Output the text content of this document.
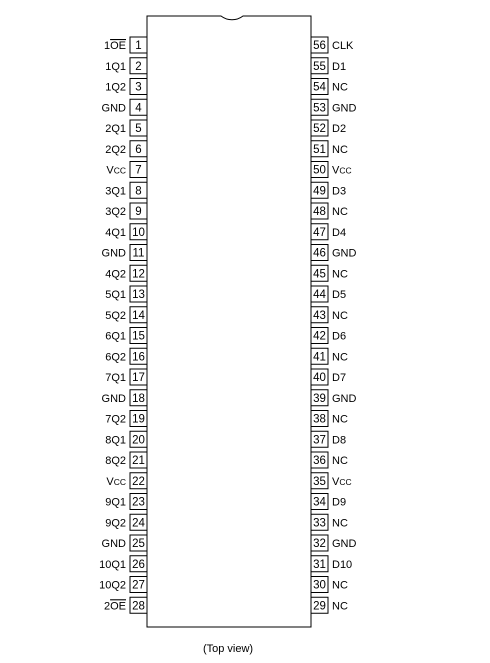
1
1OE
2
1Q1
3
1Q2
4
GND
5
2Q1
6
2Q2
7
VCC
8
3Q1
9
3Q2
10
4Q1
11
GND
12
4Q2
13
5Q1
14
5Q2
15
6Q1
16
6Q2
17
7Q1
18
GND
19
7Q2
20
8Q1
21
8Q2
22
VCC
23
9Q1
24
9Q2
25
GND
26
10Q1
27
10Q2
28
2OE
56 CLK
55 D1
54 NC
53 GND
52 D2
51 NC
50 VCC
49 D3
48 NC
47 D4
46 GND
45 NC
44 D5
43 NC
42 D6
41 NC
40 D7
39 GND
38 NC
37 D8
36 NC
35 VCC
34 D9
33 NC
32 GND
31 D10
30 NC
29 NC
(Top view)
